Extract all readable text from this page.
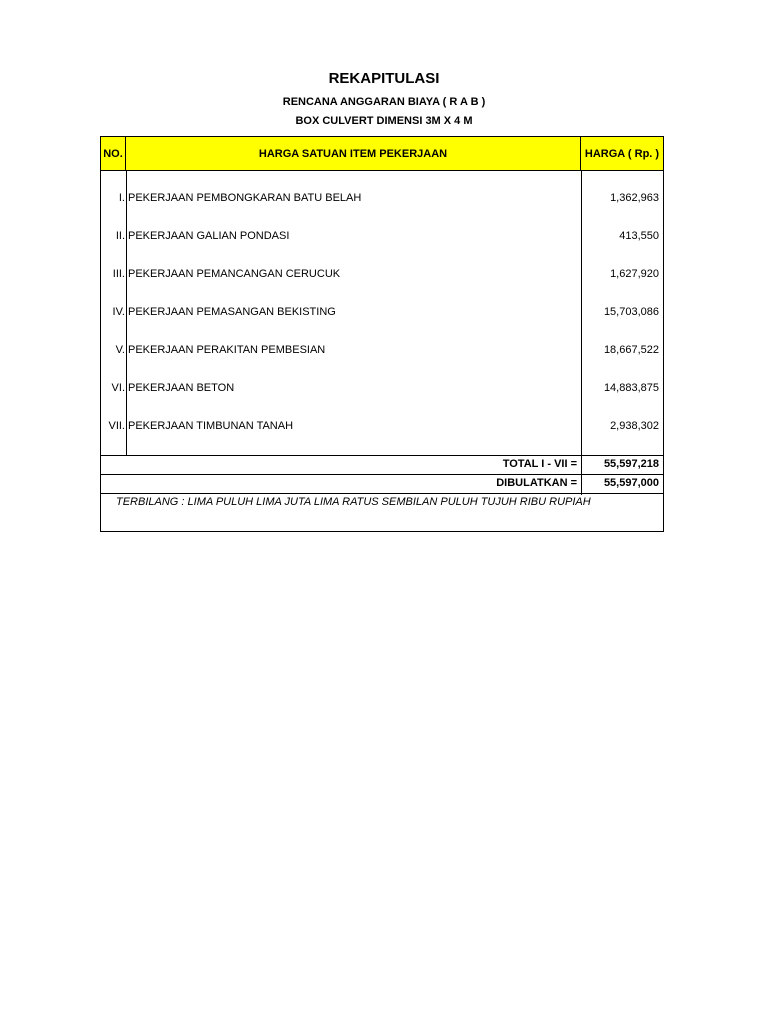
REKAPITULASI
RENCANA ANGGARAN BIAYA ( R A B )
BOX CULVERT DIMENSI 3M X 4 M
NO.	HARGA SATUAN ITEM PEKERJAAN	HARGA ( Rp. )
I. PEKERJAAN PEMBONGKARAN BATU BELAH	1,362,963
II. PEKERJAAN GALIAN PONDASI	413,550
III. PEKERJAAN PEMANCANGAN CERUCUK	1,627,920
IV. PEKERJAAN PEMASANGAN BEKISTING	15,703,086
V. PEKERJAAN PERAKITAN PEMBESIAN	18,667,522
VI. PEKERJAAN BETON	14,883,875
VII. PEKERJAAN TIMBUNAN TANAH	2,938,302
TOTAL I - VII =	55,597,218
DIBULATKAN =	55,597,000
TERBILANG : LIMA PULUH LIMA JUTA LIMA RATUS SEMBILAN PULUH TUJUH RIBU RUPIAH
